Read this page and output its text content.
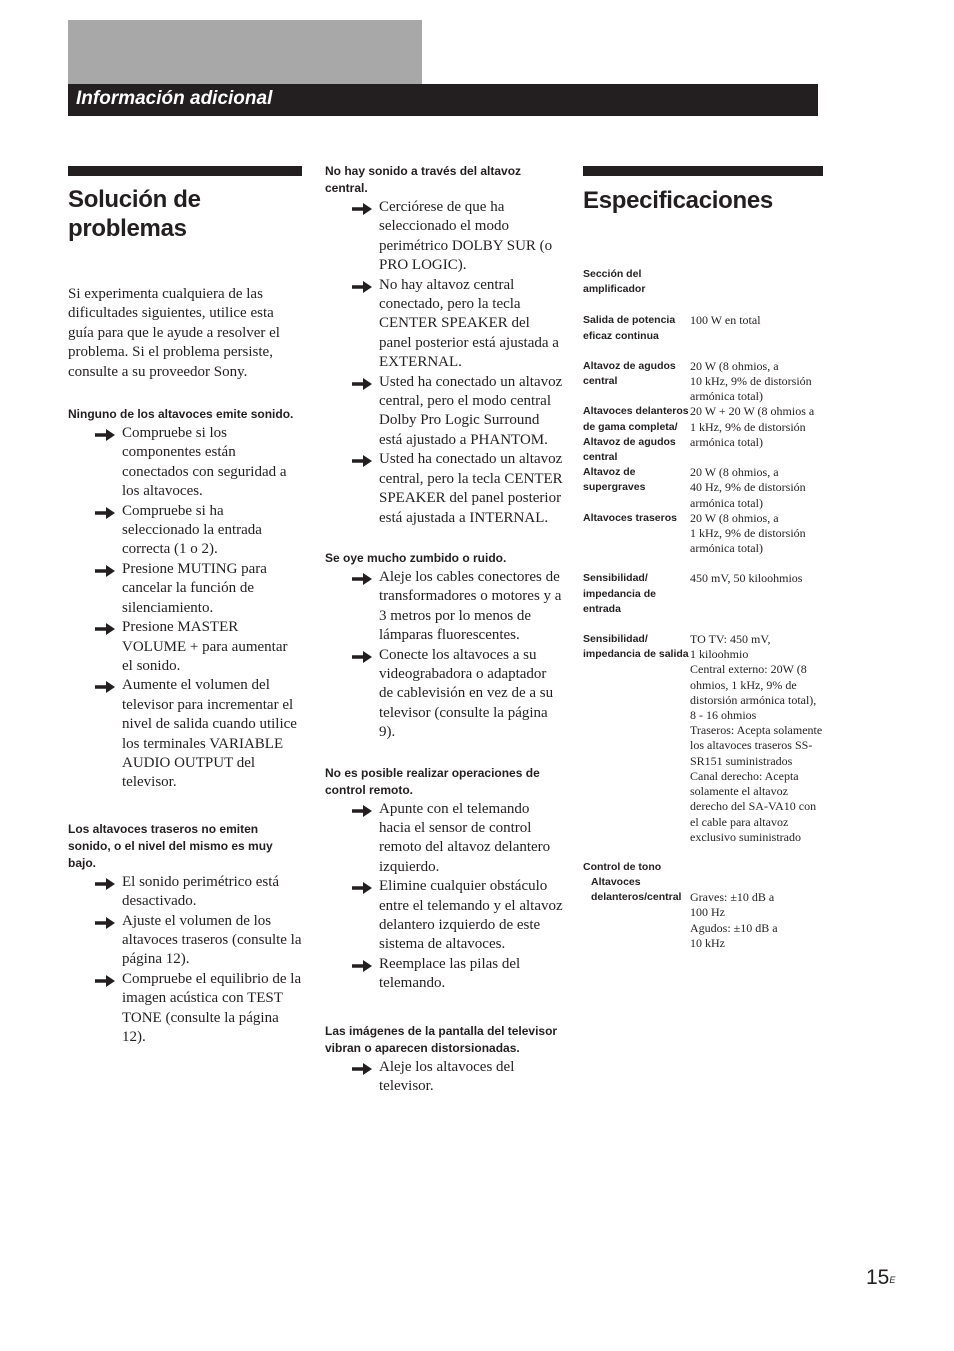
Información adicional
Solución de problemas

Si experimenta cualquiera de las dificultades siguientes, utilice esta guía para que le ayude a resolver el problema. Si el problema persiste, consulte a su proveedor Sony.

Ninguno de los altavoces emite sonido.
Compruebe si los componentes están conectados con seguridad a los altavoces.
Compruebe si ha seleccionado la entrada correcta (1 o 2).
Presione MUTING para cancelar la función de silenciamiento.
Presione MASTER VOLUME + para aumentar el sonido.
Aumente el volumen del televisor para incrementar el nivel de salida cuando utilice los terminales VARIABLE AUDIO OUTPUT del televisor.
Los altavoces traseros no emiten sonido, o el nivel del mismo es muy bajo.
El sonido perimétrico está desactivado.
Ajuste el volumen de los altavoces traseros (consulte la página 12).
Compruebe el equilibrio de la imagen acústica con TEST TONE (consulte la página 12).
No hay sonido a través del altavoz central.
Cerciórese de que ha seleccionado el modo perimétrico DOLBY SUR (o PRO LOGIC).
No hay altavoz central conectado, pero la tecla CENTER SPEAKER del panel posterior está ajustada a EXTERNAL.
Usted ha conectado un altavoz central, pero el modo central Dolby Pro Logic Surround está ajustado a PHANTOM.
Usted ha conectado un altavoz central, pero la tecla CENTER SPEAKER del panel posterior está ajustada a INTERNAL.
Se oye mucho zumbido o ruido.
Aleje los cables conectores de transformadores o motores y a 3 metros por lo menos de lámparas fluorescentes.
Conecte los altavoces a su videograbadora o adaptador de cablevisión en vez de a su televisor (consulte la página 9).
No es posible realizar operaciones de control remoto.
Apunte con el telemando hacia el sensor de control remoto del altavoz delantero izquierdo.
Elimine cualquier obstáculo entre el telemando y el altavoz delantero izquierdo de este sistema de altavoces.
Reemplace las pilas del telemando.
Las imágenes de la pantalla del televisor vibran o aparecen distorsionadas.
Aleje los altavoces del televisor.
Especificaciones
Sección del amplificador
Salida de potencia eficaz continua
100 W en total
Altavoz de agudos central
20 W (8 ohmios, a
10 kHz, 9% de distorsión armónica total)
Altavoces delanteros de gama completa/ Altavoz de agudos central
20 W + 20 W (8 ohmios a 1 kHz, 9% de distorsión armónica total)
Altavoz de supergraves
20 W (8 ohmios, a
40 Hz, 9% de distorsión armónica total)
Altavoces traseros	20 W (8 ohmios, a
1 kHz, 9% de distorsión armónica total)
Sensibilidad/ impedancia de entrada
450 mV, 50 kiloohmios
Sensibilidad/ impedancia de salida
TO TV: 450 mV,
1 kiloohmio
Central externo: 20W (8 ohmios, 1 kHz, 9% de distorsión armónica total), 8 - 16 ohmios
Traseros: Acepta solamente los altavoces traseros SS-SR151 suministrados
Canal derecho: Acepta solamente el altavoz derecho del SA-VA10 con el cable para altavoz exclusivo suministrado
Control de tono
Altavoces delanteros/central Graves: ±10 dB a
100 Hz
Agudos: ±10 dB a
10 kHz
$15^E$
